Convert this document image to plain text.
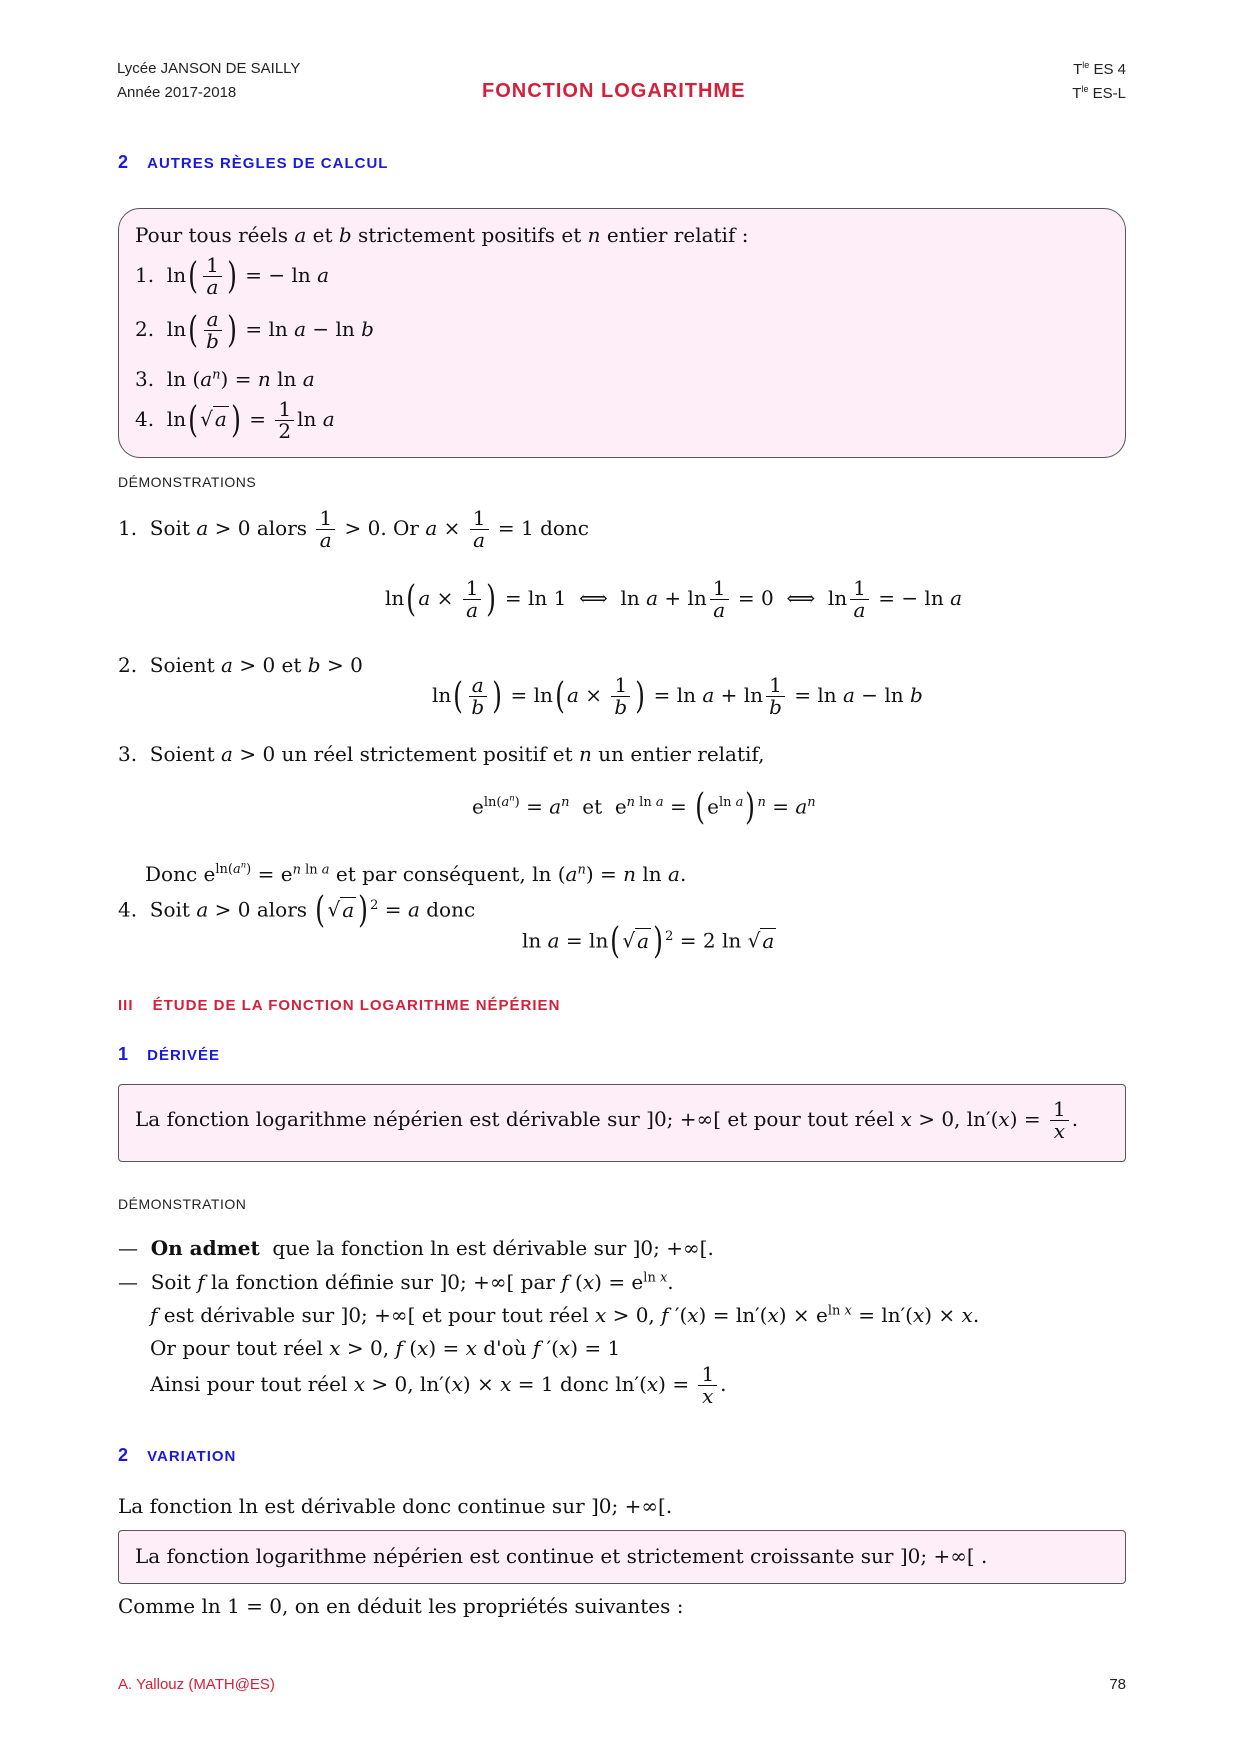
Lycée JANSON DE SAILLY
Année 2017-2018	FONCTION LOGARITHME
$T^{le}$ ES 4
$T^{le}$ ES-L
2 AUTRES RÈGLES DE CALCUL
Pour tous réels a et b strictement positifs et n entier relatif :
1.  $\ln( \frac{1}{a}$ ) = − ln a
2.  $\ln( \frac{a}{b}$ ) = ln a − ln b
3.  $\ln (a^n) = n$ ln a
4.  ln( √ a ) = $\frac{1}{2}$ ln a
DÉMONSTRATIONS
1.  Soit a > 0 alors $\frac{1}{a} > 0$. Or $a \times \frac{1}{a} = 1$ donc
ln( $a \times \frac{1}{a}$ ) = ln 1  ⟺  $\ln a + \ln \frac{1}{a} = 0$  ⟺  $\ln \frac{1}{a}$ = − ln a
2.  Soient a > 0 et b > 0
$\ln( \frac{a}{b}$ ) = ln( $a \times \frac{1}{b}$ ) = $\ln a + \ln \frac{1}{b} = \ln a - \ln b$
3.  Soient a > 0 un réel strictement positif et n un entier relatif,
$e^{ln(a^n)} = a^n$  et  $e^{n ln a}$ = ( $e^{ln a}$) $^n = a^n$
Donc $e^{ln(a^n)} = e^{n ln a}$ et par conséquent, $\ln (a^n) = n$ ln a.
4.  Soit a > 0 alors ( √ a ) $^2$ = a donc
ln a = ln( √ a ) $^2$ = 2 ln √ a
III ÉTUDE DE LA FONCTION LOGARITHME NÉPÉRIEN
1 DÉRIVÉE
La fonction logarithme népérien est dérivable sur ]0; +∞[ et pour tout réel x > 0, $\ln'(x) = \frac{1}{x}$ .
DÉMONSTRATION
—  On admet  que la fonction ln est dérivable sur ]0; +∞[.
—  Soit f la fonction définie sur ]0; +∞[ par f $(x) = e^{ln x}$.
f est dérivable sur ]0; +∞[ et pour tout réel x > 0, f $'(x) = \ln'(x) \times e^{ln x} = \ln'(x) \times x$.
Or pour tout réel x > 0, f (x) = x d'où f ′(x) = 1
Ainsi pour tout réel x > 0, ln′(x) × x = 1 donc $\ln'(x) = \frac{1}{x}$ .
2 VARIATION
La fonction ln est dérivable donc continue sur ]0; +∞[.
La fonction logarithme népérien est continue et strictement croissante sur ]0; +∞[ .
Comme ln 1 = 0, on en déduit les propriétés suivantes :
A. Yallouz (MATH@ES)	78
